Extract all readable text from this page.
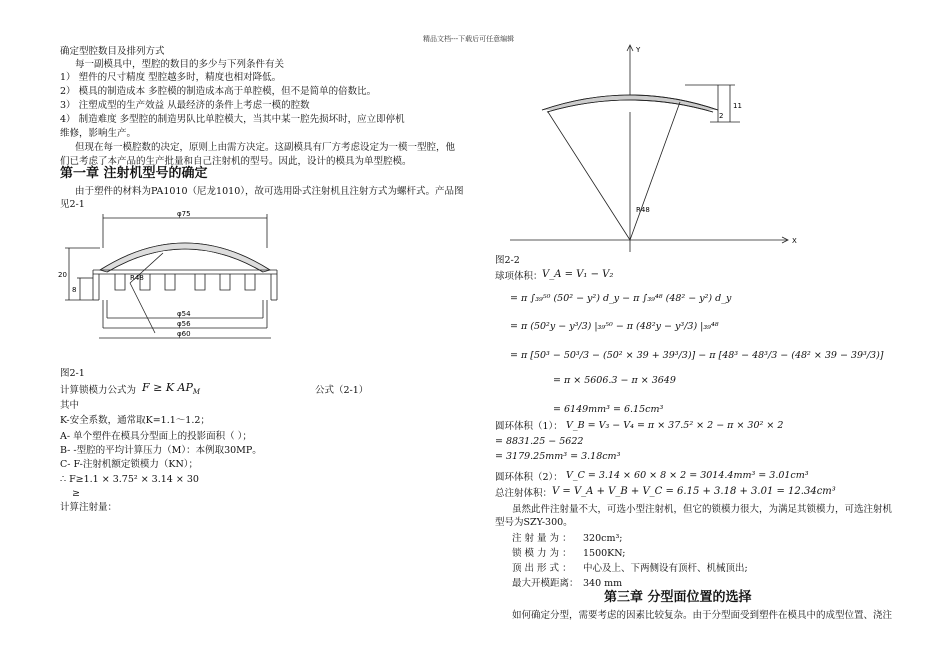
精品文档---下载后可任意编辑
确定型腔数目及排列方式
每一副模具中，型腔的数目的多少与下列条件有关
1） 塑件的尺寸精度 型腔越多时，精度也相对降低。
2） 模具的制造成本 多腔模的制造成本高于单腔模，但不是简单的倍数比。
3） 注塑成型的生产效益 从最经济的条件上考虑一模的腔数
4） 制造难度 多型腔的制造男队比单腔模大，当其中某一腔先损坏时，应立即停机
维修，影响生产。
但现在每一模腔数的决定，原则上由需方决定。这副模具有厂方考虑设定为一模一型腔，他
们已考虑了本产品的生产批量和自己注射机的型号。因此，设计的模具为单型腔模。
第一章 注射机型号的确定
由于塑件的材料为PA1010（尼龙1010），故可选用卧式注射机且注射方式为螺杆式。产品图
见2-1
φ75
20
8
R48
φ54
φ56
φ60
图2-1
计算锁模力公式为 F ≥ K $AP_M$	公式（2-1）
其中
K-安全系数，通常取K=1.1～1.2；
A- 单个塑件在模具分型面上的投影面积（ ）；
B- -型腔的平均计算压力（M）：本例取30MP。
C- F-注射机额定锁模力（KN）；
∴ F≥1.1 × 3.75² × 3.14 × 30
≥
计算注射量：
Y
X
11
2
R48
图2-2
球项体积： V_A = V₁ − V₂
= π ∫₃₉⁵⁰ (50² − y²) d_y − π ∫₃₉⁴⁸ (48² − y²) d_y
= π (50²y − y³/3) |₃₉⁵⁰ − π (48²y − y³/3) |₃₉⁴⁸
= π [50³ − 50³/3 − (50² × 39 + 39³/3)] − π [48³ − 48³/3 − (48² × 39 − 39³/3)]
= π × 5606.3 − π × 3649
= 6149mm³ = 6.15cm³
圆环体积（1）： V_B = V₃ − V₄ = π × 37.5² × 2 − π × 30² × 2
= 8831.25 − 5622
= 3179.25mm³ = 3.18cm³
圆环体积（2）： V_C = 3.14 × 60 × 8 × 2 = 3014.4mm³ = 3.01cm³
总注射体积： V = V_A + V_B + V_C = 6.15 + 3.18 + 3.01 = 12.34cm³
虽然此件注射量不大，可选小型注射机，但它的锁模力很大，为满足其锁模力，可选注射机
型号为SZY-300。
注 射 量 为 ： 320cm³;
锁 模 力 为 ： 1500KN;
顶 出 形 式 ： 中心及上、下两侧设有顶杆、机械顶出;
最大开模距离： 340 mm
第三章 分型面位置的选择
如何确定分型，需要考虑的因素比较复杂。由于分型面受到塑件在模具中的成型位置、浇注
